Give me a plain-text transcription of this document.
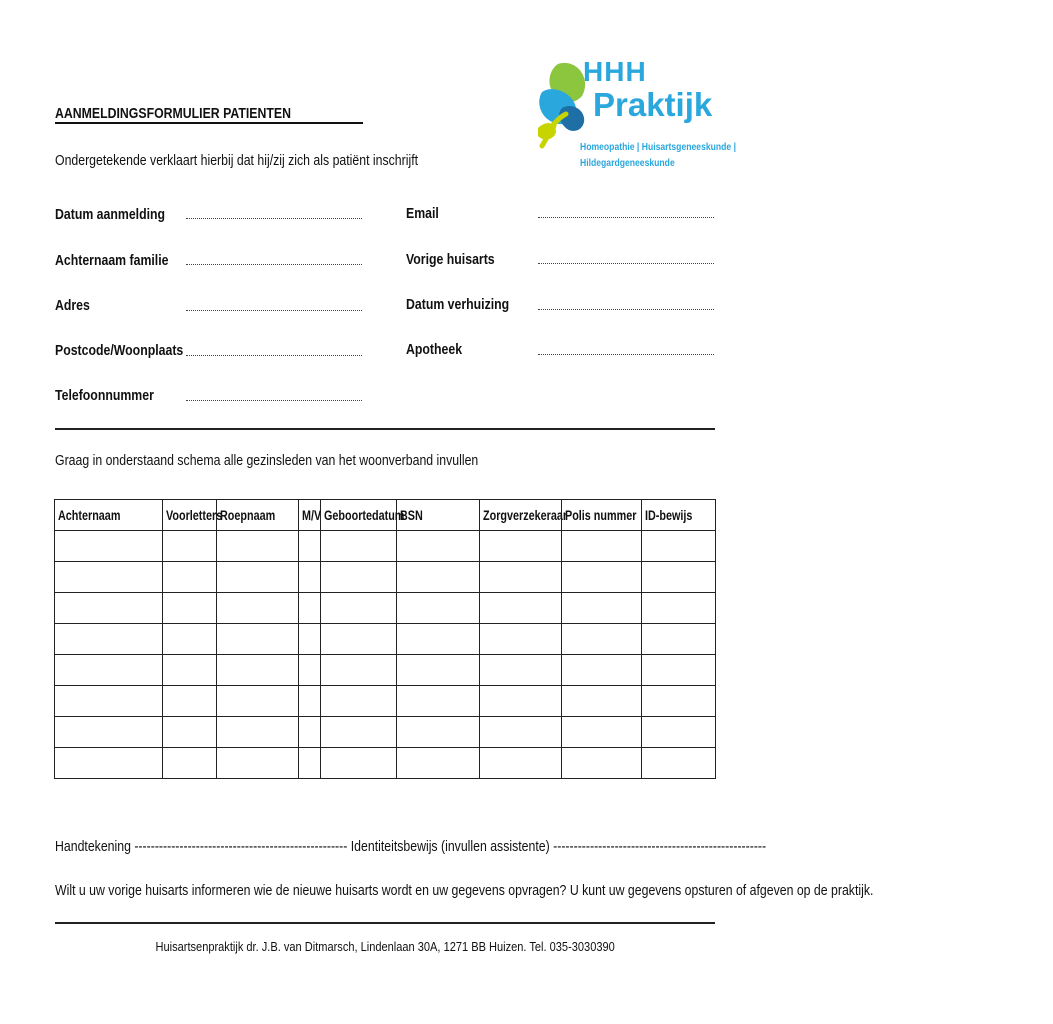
HHH
Praktijk
Homeopathie | Huisartsgeneeskunde |
Hildegardgeneeskunde
AANMELDINGSFORMULIER PATIENTEN
Ondergetekende verklaart hierbij dat hij/zij zich als patiënt inschrijft
Datum aanmelding
Achternaam familie
Adres
Postcode/Woonplaats
Telefoonnummer
Email
Vorige huisarts
Datum verhuizing
Apotheek
Graag in onderstaand schema alle gezinsleden van het woonverband invullen
Achternaam	Voorletters	Roepnaam	M/V	Geboortedatum	BSN	Zorgverzekeraar	Polis nummer	ID-bewijs

Handtekening ---------------------------------------------------- Identiteitsbewijs (invullen assistente) ----------------------------------------------------
Wilt u uw vorige huisarts informeren wie de nieuwe huisarts wordt en uw gegevens opvragen? U kunt uw gegevens opsturen of afgeven op de praktijk.
Huisartsenpraktijk dr. J.B. van Ditmarsch, Lindenlaan 30A, 1271 BB Huizen. Tel. 035-3030390
